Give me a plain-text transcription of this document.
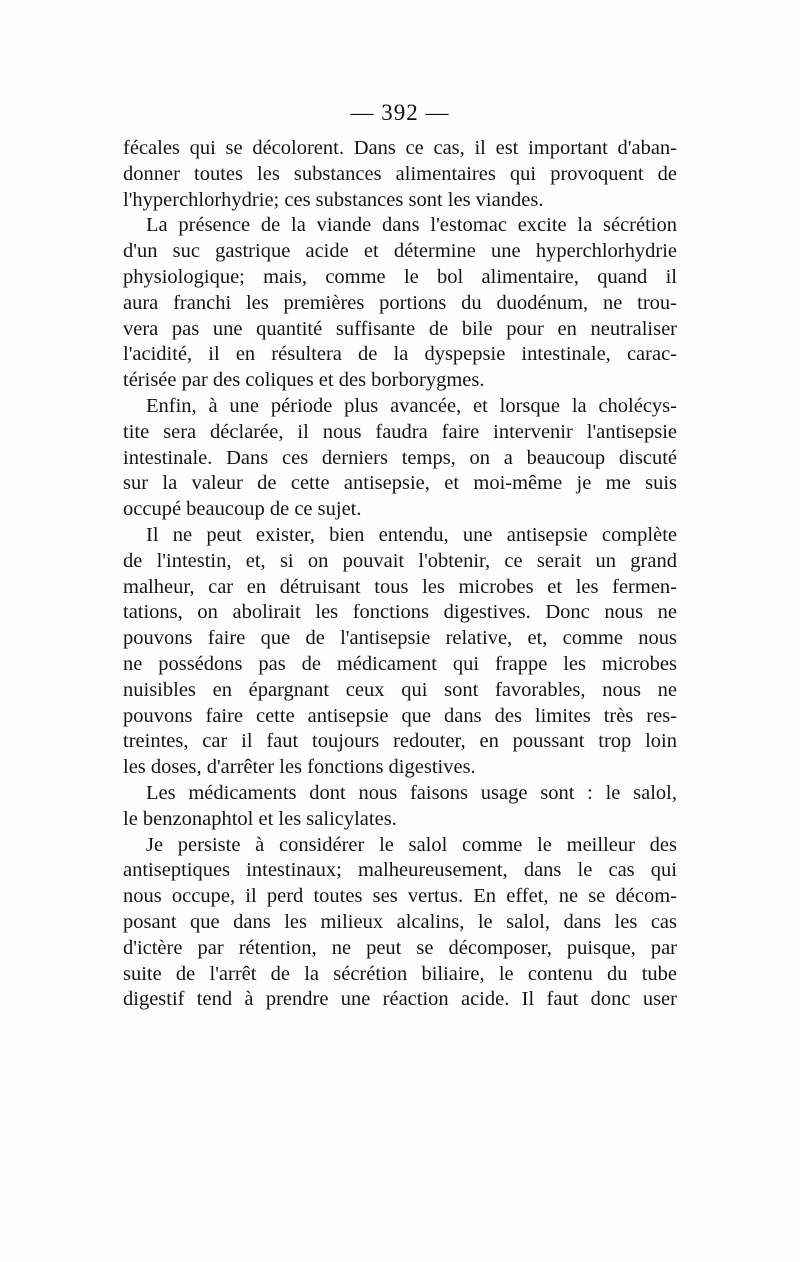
— 392 —
fécales qui se décolorent. Dans ce cas, il est important d'aban-
donner toutes les substances alimentaires qui provoquent de
l'hyperchlorhydrie; ces substances sont les viandes.
La présence de la viande dans l'estomac excite la sécrétion
d'un suc gastrique acide et détermine une hyperchlorhydrie
physiologique; mais, comme le bol alimentaire, quand il
aura franchi les premières portions du duodénum, ne trou-
vera pas une quantité suffisante de bile pour en neutraliser
l'acidité, il en résultera de la dyspepsie intestinale, carac-
térisée par des coliques et des borborygmes.
Enfin, à une période plus avancée, et lorsque la cholécys-
tite sera déclarée, il nous faudra faire intervenir l'antisepsie
intestinale. Dans ces derniers temps, on a beaucoup discuté
sur la valeur de cette antisepsie, et moi-même je me suis
occupé beaucoup de ce sujet.
Il ne peut exister, bien entendu, une antisepsie complète
de l'intestin, et, si on pouvait l'obtenir, ce serait un grand
malheur, car en détruisant tous les microbes et les fermen-
tations, on abolirait les fonctions digestives. Donc nous ne
pouvons faire que de l'antisepsie relative, et, comme nous
ne possédons pas de médicament qui frappe les microbes
nuisibles en épargnant ceux qui sont favorables, nous ne
pouvons faire cette antisepsie que dans des limites très res-
treintes, car il faut toujours redouter, en poussant trop loin
les doses, d'arrêter les fonctions digestives.
Les médicaments dont nous faisons usage sont : le salol,
le benzonaphtol et les salicylates.
Je persiste à considérer le salol comme le meilleur des
antiseptiques intestinaux; malheureusement, dans le cas qui
nous occupe, il perd toutes ses vertus. En effet, ne se décom-
posant que dans les milieux alcalins, le salol, dans les cas
d'ictère par rétention, ne peut se décomposer, puisque, par
suite de l'arrêt de la sécrétion biliaire, le contenu du tube
digestif tend à prendre une réaction acide. Il faut donc user
